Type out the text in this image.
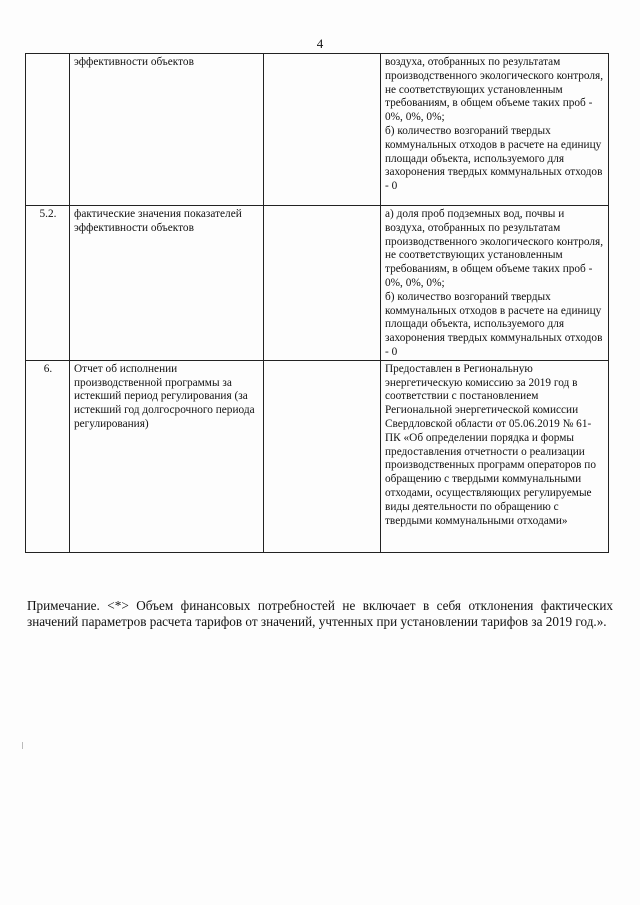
4
	эффективности объектов		воздуха, отобранных по результатам производственного экологического контроля, не соответствующих установленным требованиям, в общем объеме таких проб - 0%, 0%, 0%;
б) количество возгораний твердых коммунальных отходов в расчете на единицу площади объекта, используемого для захоронения твердых коммунальных отходов - 0
5.2.	фактические значения показателей эффективности объектов		а) доля проб подземных вод, почвы и воздуха, отобранных по результатам производственного экологического контроля, не соответствующих установленным требованиям, в общем объеме таких проб - 0%, 0%, 0%;
б) количество возгораний твердых коммунальных отходов в расчете на единицу площади объекта, используемого для захоронения твердых коммунальных отходов - 0
6.	Отчет об исполнении производственной программы за истекший период регулирования (за истекший год долгосрочного периода регулирования)		Предоставлен в Региональную энергетическую комиссию за 2019 год в соответствии с постановлением Региональной энергетической комиссии Свердловской области от 05.06.2019 № 61-ПК «Об определении порядка и формы предоставления отчетности о реализации производственных программ операторов по обращению с твердыми коммунальными отходами, осуществляющих регулируемые виды деятельности по обращению с твердыми коммунальными отходами»

Примечание. <*> Объем финансовых потребностей не включает в себя отклонения фактических значений параметров расчета тарифов от значений, учтенных при установлении тарифов за 2019 год.».
